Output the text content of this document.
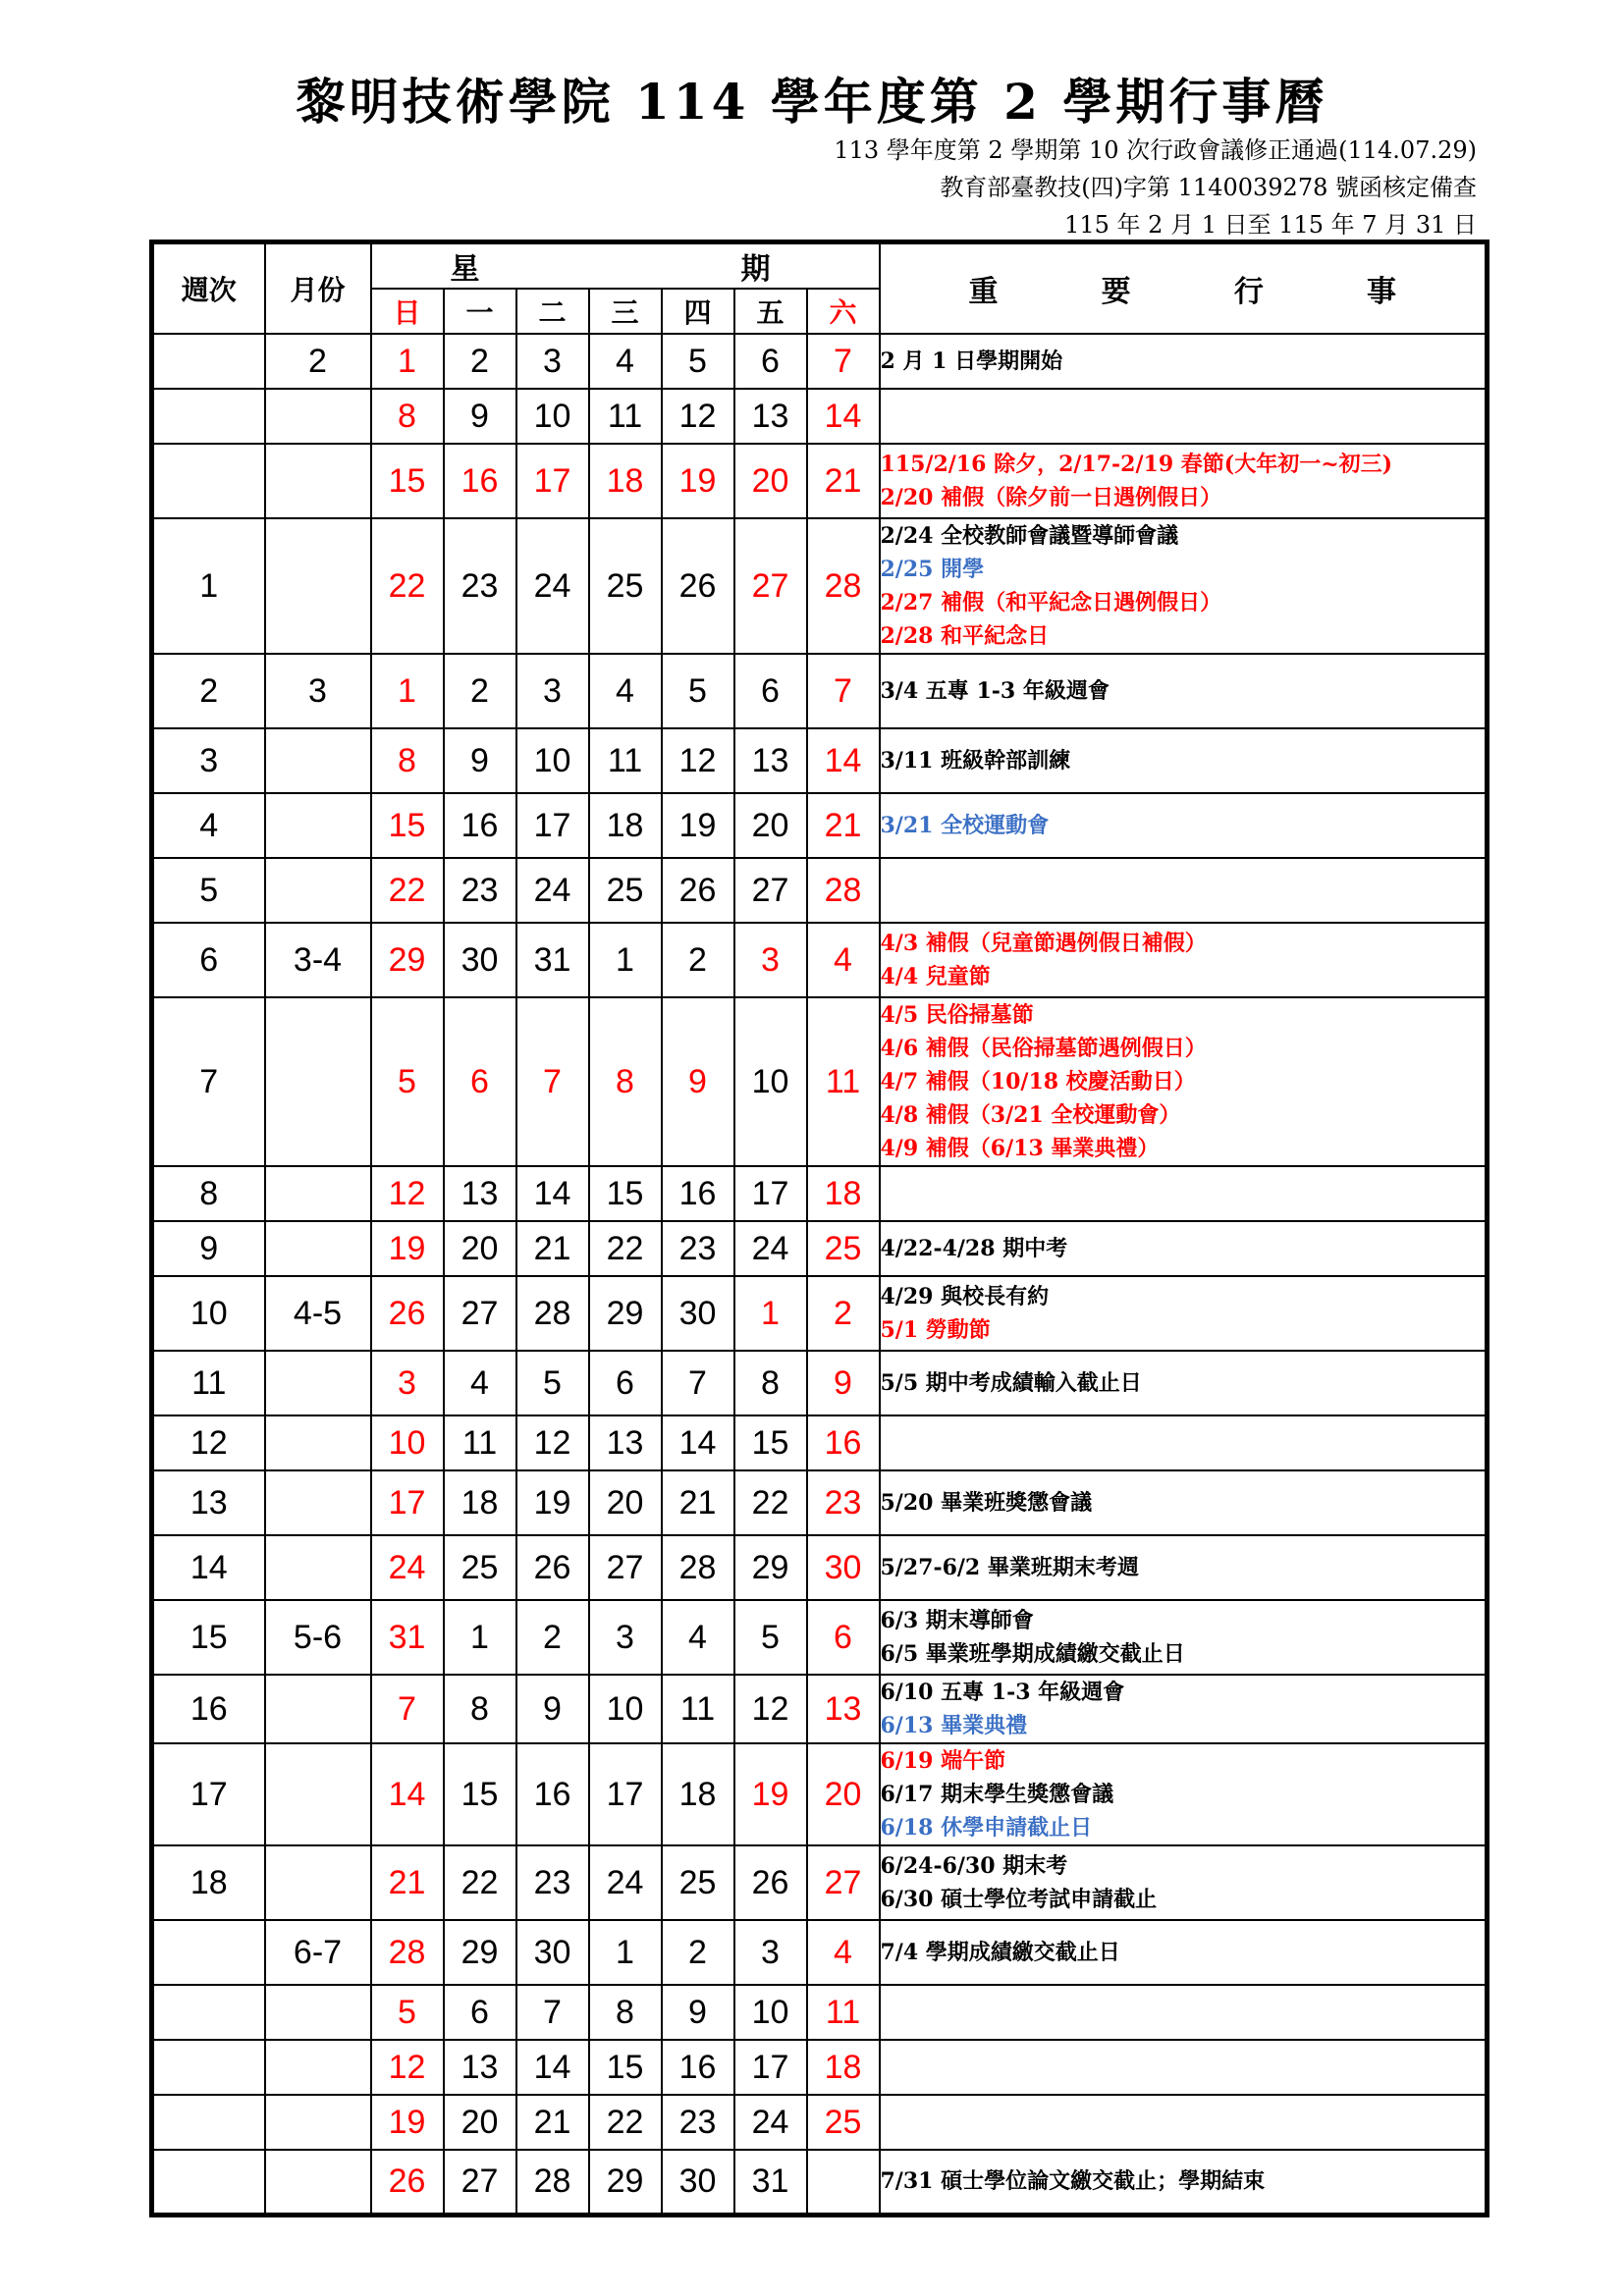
黎明技術學院 114 學年度第 2 學期行事曆
113 學年度第 2 學期第 10 次行政會議修正通過(114.07.29)
教育部臺教技(四)字第 1140039278 號函核定備查
115 年 2 月 1 日至 115 年 7 月 31 日
週次	月份	星 期							重 要 行 事

		日	一	二	三	四	五	六	
	2	1	2	3	4	5	6	7	2 月 1 日學期開始

		8	9	10	11	12	13	14	
		15	16	17	18	19	20	21	115/2/16 除夕，2/17-2/19 春節(大年初一~初三)
2/20 補假（除夕前一日遇例假日）

1		22	23	24	25	26	27	28	2/24 全校教師會議暨導師會議
2/25 開學
2/27 補假（和平紀念日遇例假日）
2/28 和平紀念日

2	3	1	2	3	4	5	6	7	3/4 五專 1-3 年級週會

3		8	9	10	11	12	13	14	3/11 班級幹部訓練

4		15	16	17	18	19	20	21	3/21 全校運動會

5		22	23	24	25	26	27	28	
6	3-4	29	30	31	1	2	3	4	4/3 補假（兒童節遇例假日補假）
4/4 兒童節

7		5	6	7	8	9	10	11	4/5 民俗掃墓節
4/6 補假（民俗掃墓節遇例假日）
4/7 補假（10/18 校慶活動日）
4/8 補假（3/21 全校運動會）
4/9 補假（6/13 畢業典禮）

8		12	13	14	15	16	17	18	
9		19	20	21	22	23	24	25	4/22-4/28 期中考

10	4-5	26	27	28	29	30	1	2	4/29 與校長有約
5/1 勞動節

11		3	4	5	6	7	8	9	5/5 期中考成績輸入截止日

12		10	11	12	13	14	15	16	
13		17	18	19	20	21	22	23	5/20 畢業班獎懲會議

14		24	25	26	27	28	29	30	5/27-6/2 畢業班期末考週

15	5-6	31	1	2	3	4	5	6	6/3 期末導師會
6/5 畢業班學期成績繳交截止日

16		7	8	9	10	11	12	13	6/10 五專 1-3 年級週會
6/13 畢業典禮

17		14	15	16	17	18	19	20	6/19 端午節
6/17 期末學生獎懲會議
6/18 休學申請截止日

18		21	22	23	24	25	26	27	6/24-6/30 期末考
6/30 碩士學位考試申請截止

	6-7	28	29	30	1	2	3	4	7/4 學期成績繳交截止日

		5	6	7	8	9	10	11	
		12	13	14	15	16	17	18	
		19	20	21	22	23	24	25	
		26	27	28	29	30	31		7/31 碩士學位論文繳交截止；學期結束
